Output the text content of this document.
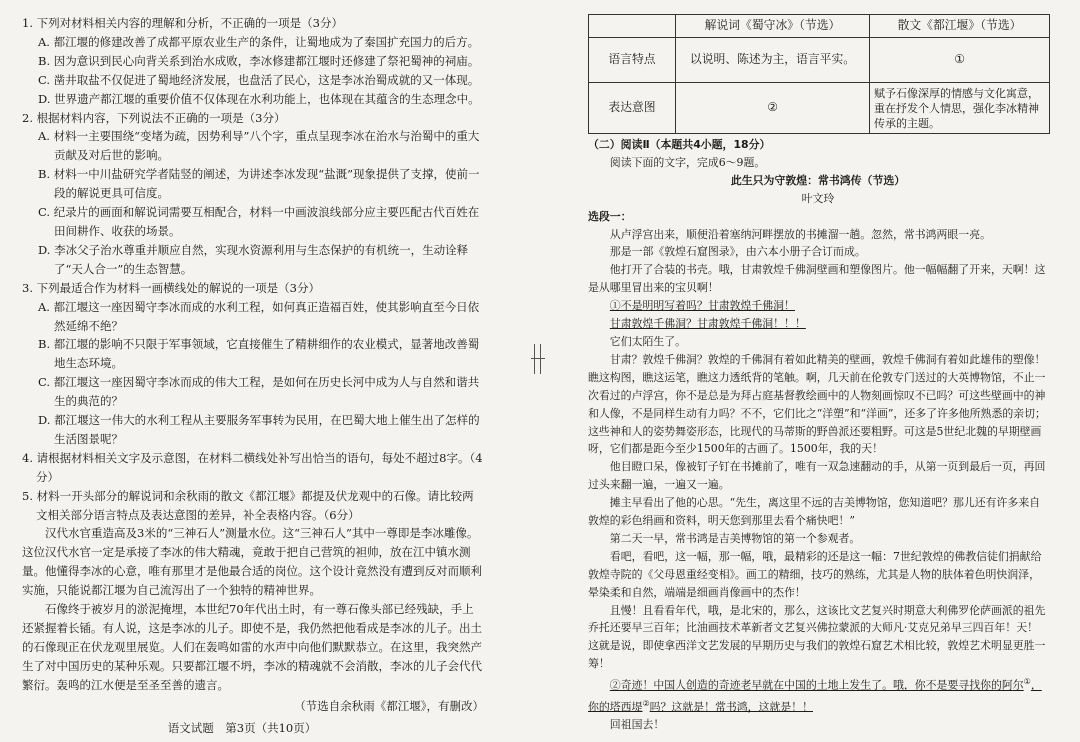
1. 下列对材料相关内容的理解和分析，不正确的一项是（3分）
A. 都江堰的修建改善了成都平原农业生产的条件，让蜀地成为了秦国扩充国力的后方。
B. 因为意识到民心向背关系到治水成败，李冰修建都江堰时还修建了祭祀蜀神的祠庙。
C. 凿井取盐不仅促进了蜀地经济发展，也盘活了民心，这是李冰治蜀成就的又一体现。
D. 世界遗产都江堰的重要价值不仅体现在水利功能上，也体现在其蕴含的生态理念中。
2. 根据材料内容，下列说法不正确的一项是（3分）
A. 材料一主要围绕“变堵为疏，因势利导”八个字，重点呈现李冰在治水与治蜀中的重大贡献及对后世的影响。
B. 材料一中川盐研究学者陆竖的阐述，为讲述李冰发现“盐溉”现象提供了支撑，使前一段的解说更具可信度。
C. 纪录片的画面和解说词需要互相配合，材料一中画波浪线部分应主要匹配古代百姓在田间耕作、收获的场景。
D. 李冰父子治水尊重并顺应自然，实现水资源利用与生态保护的有机统一，生动诠释了“天人合一”的生态智慧。
3. 下列最适合作为材料一画横线处的解说的一项是（3分）
A. 都江堰这一座因蜀守李冰而成的水利工程，如何真正造福百姓，使其影响直至今日依然延绵不绝？
B. 都江堰的影响不只限于军事领域，它直接催生了精耕细作的农业模式，显著地改善蜀地生态环境。
C. 都江堰这一座因蜀守李冰而成的伟大工程，是如何在历史长河中成为人与自然和谐共生的典范的？
D. 都江堰这一伟大的水利工程从主要服务军事转为民用，在巴蜀大地上催生出了怎样的生活图景呢？
4. 请根据材料相关文字及示意图，在材料二横线处补写出恰当的语句，每处不超过8字。（4分）
5. 材料一开头部分的解说词和余秋雨的散文《都江堰》都提及伏龙观中的石像。请比较两文相关部分语言特点及表达意图的差异，补全表格内容。（6分）

汉代水官重造高及3米的“三神石人”测量水位。这“三神石人”其中一尊即是李冰雕像。这位汉代水官一定是承接了李冰的伟大精魂，竟敢于把自己营筑的袒帅，放在江中镇水测量。他懂得李冰的心意，唯有那里才是他最合适的岗位。这个设计竟然没有遭到反对而顺利实施，只能说都江堰为自己流泻出了一个独特的精神世界。

石像终于被岁月的淤泥掩埋，本世纪70年代出土时，有一尊石像头部已经残缺，手上还紧握着长锸。有人说，这是李冰的儿子。即使不是，我仍然把他看成是李冰的儿子。出土的石像现正在伏龙观里展览。人们在轰鸣如雷的水声中向他们默默恭立。在这里，我突然产生了对中国历史的某种乐观。只要都江堰不坍，李冰的精魂就不会消散，李冰的儿子会代代繁衍。轰鸣的江水便是至圣至善的遗言。

（节选自余秋雨《都江堰》，有删改）
语文试题　第3页（共10页）
	解说词《蜀守冰》（节选）	散文《都江堰》（节选）
语言特点	以说明、陈述为主，语言平实。	①
表达意图	②	赋予石像深厚的情感与文化寓意，重在抒发个人情思，强化李冰精神传承的主题。
（二）阅读Ⅱ（本题共4小题，18分）
阅读下面的文字，完成6～9题。
此生只为守敦煌：常书鸿传（节选）
叶文玲
选段一：

从卢浮宫出来，顺便沿着塞纳河畔摆放的书摊溜一趟。忽然，常书鸿两眼一亮。

那是一部《敦煌石窟图录》，由六本小册子合订而成。

他打开了合装的书壳。哦，甘肃敦煌千佛洞壁画和塑像图片。他一幅幅翻了开来，天啊！这是从哪里冒出来的宝贝啊！

①不是明明写着吗？甘肃敦煌千佛洞！

甘肃敦煌千佛洞？甘肃敦煌千佛洞！！！

它们太陌生了。

甘肃？敦煌千佛洞？敦煌的千佛洞有着如此精美的壁画，敦煌千佛洞有着如此雄伟的塑像！瞧这构图，瞧这运笔，瞧这力透纸背的笔触。啊，几天前在伦敦专门送过的大英博物馆，不止一次看过的卢浮宫，你不是总是为拜占庭基督教绘画中的人物刻画惊叹不已吗？可这些壁画中的神和人像，不是同样生动有力吗？不不，它们比之“洋塑”和“洋画”，还多了许多他所熟悉的亲切；这些神和人的姿势舞姿形态，比现代的马蒂斯的野兽派还要粗野。可这是5世纪北魏的早期壁画呀，它们都是距今至少1500年的古画了。1500年，我的天！

他目瞪口呆，像被钉子钉在书摊前了，唯有一双急速翻动的手，从第一页到最后一页，再回过头来翻一遍，一遍又一遍。

摊主早看出了他的心思。“先生，离这里不远的吉美博物馆，您知道吧？那儿还有许多来自敦煌的彩色绢画和资料，明天您到那里去看个痛快吧！”

第二天一早，常书鸿是吉美博物馆的第一个参观者。

看吧，看吧，这一幅，那一幅，哦，最精彩的还是这一幅：7世纪敦煌的佛教信徒们捐献给敦煌寺院的《父母恩重经变相》。画工的精细，技巧的熟练，尤其是人物的肤体着色明快润泽，晕染柔和自然，端端是细画肖像画中的杰作！

且慢！且看看年代，哦，是北宋的，那么，这该比文艺复兴时期意大利佛罗伦萨画派的祖先乔托还要早三百年；比油画技术革新者文艺复兴佛拉蒙派的大师凡·艾克兄弟早三四百年！天！这就是说，即使拿西洋文艺发展的早期历史与我们的敦煌石窟艺术相比较，敦煌艺术明显更胜一筹！

②奇迹！中国人创造的奇迹老早就在中国的土地上发生了。哦，你不是要寻找你的阿尔①，你的塔西堤②吗？这就是！常书鸿，这就是！！

回祖国去！
